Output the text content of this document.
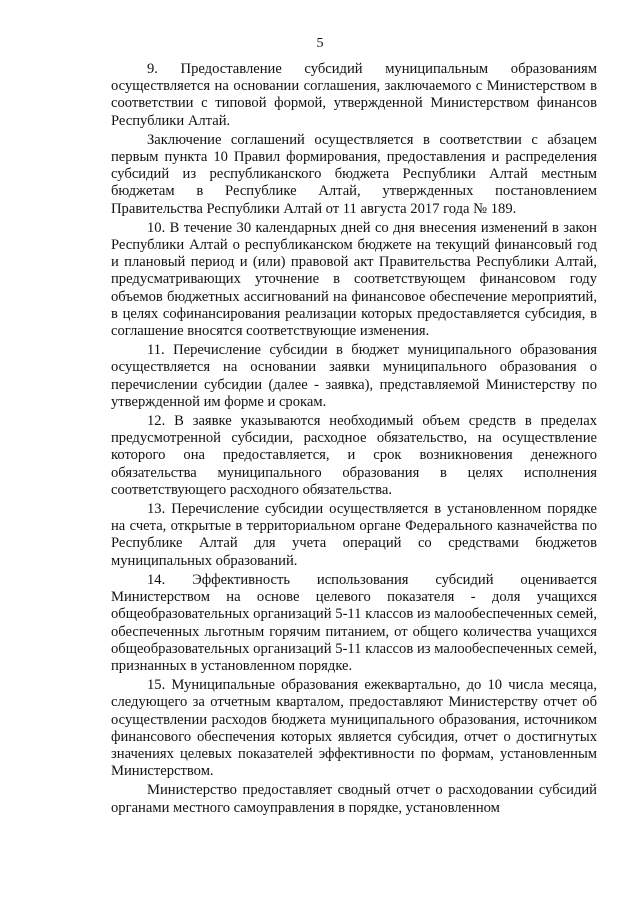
5

9. Предоставление субсидий муниципальным образованиям осуществляется на основании соглашения, заключаемого с Министерством в соответствии с типовой формой, утвержденной Министерством финансов Республики Алтай.

Заключение соглашений осуществляется в соответствии с абзацем первым пункта 10 Правил формирования, предоставления и распределения субсидий из республиканского бюджета Республики Алтай местным бюджетам в Республике Алтай, утвержденных постановлением Правительства Республики Алтай от 11 августа 2017 года № 189.

10. В течение 30 календарных дней со дня внесения изменений в закон Республики Алтай о республиканском бюджете на текущий финансовый год и плановый период и (или) правовой акт Правительства Республики Алтай, предусматривающих уточнение в соответствующем финансовом году объемов бюджетных ассигнований на финансовое обеспечение мероприятий, в целях софинансирования реализации которых предоставляется субсидия, в соглашение вносятся соответствующие изменения.

11. Перечисление субсидии в бюджет муниципального образования осуществляется на основании заявки муниципального образования о перечислении субсидии (далее - заявка), представляемой Министерству по утвержденной им форме и срокам.

12. В заявке указываются необходимый объем средств в пределах предусмотренной субсидии, расходное обязательство, на осуществление которого она предоставляется, и срок возникновения денежного обязательства муниципального образования в целях исполнения соответствующего расходного обязательства.

13. Перечисление субсидии осуществляется в установленном порядке на счета, открытые в территориальном органе Федерального казначейства по Республике Алтай для учета операций со средствами бюджетов муниципальных образований.

14. Эффективность использования субсидий оценивается Министерством на основе целевого показателя - доля учащихся общеобразовательных организаций 5-11 классов из малообеспеченных семей, обеспеченных льготным горячим питанием, от общего количества учащихся общеобразовательных организаций 5-11 классов из малообеспеченных семей, признанных в установленном порядке.

15. Муниципальные образования ежеквартально, до 10 числа месяца, следующего за отчетным кварталом, предоставляют Министерству отчет об осуществлении расходов бюджета муниципального образования, источником финансового обеспечения которых является субсидия, отчет о достигнутых значениях целевых показателей эффективности по формам, установленным Министерством.

Министерство предоставляет сводный отчет о расходовании субсидий органами местного самоуправления в порядке, установленном
